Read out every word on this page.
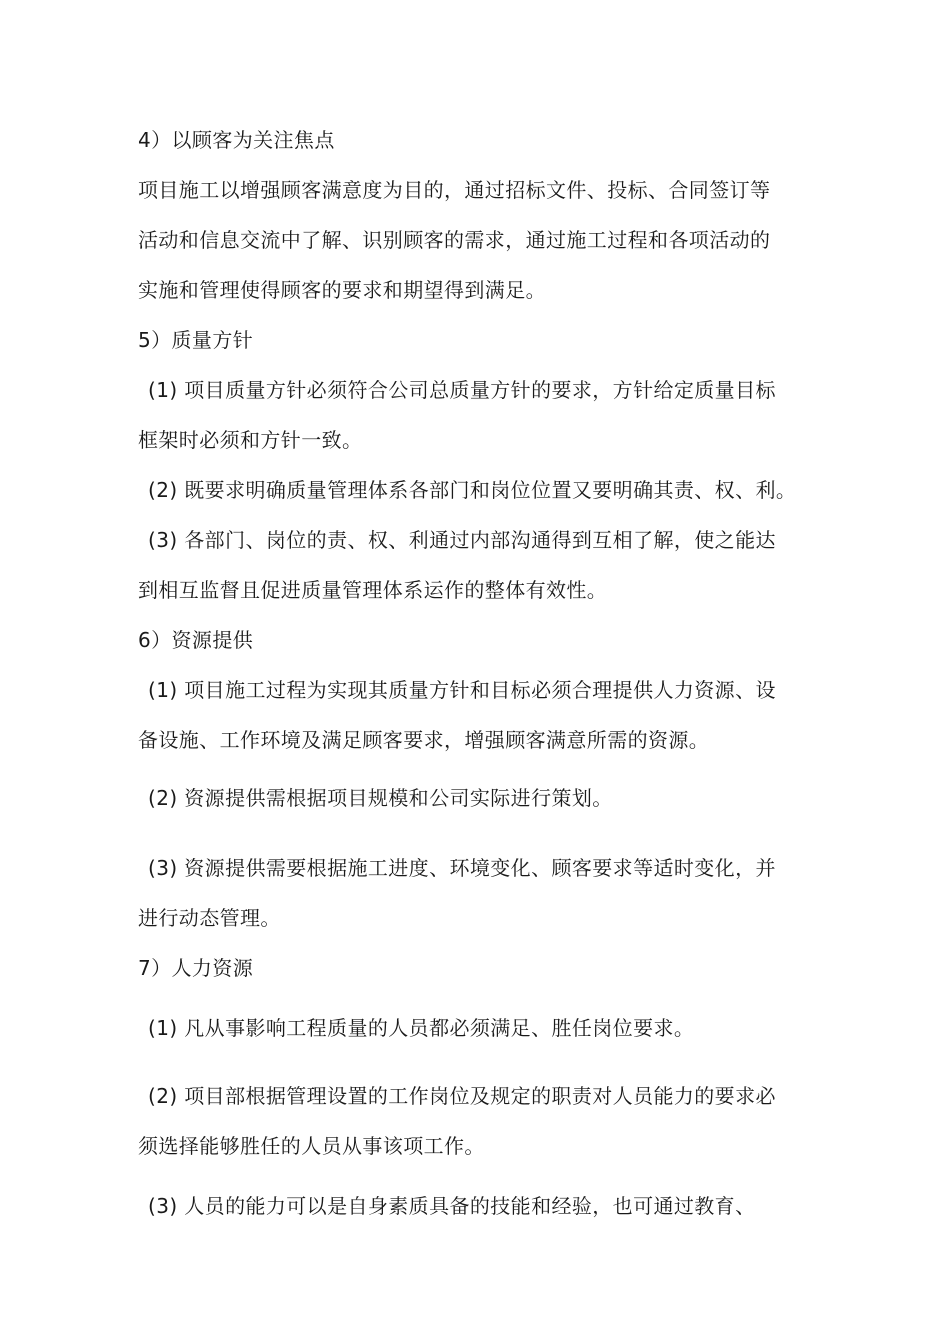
4）以顾客为关注焦点
项目施工以增强顾客满意度为目的，通过招标文件、投标、合同签订等
活动和信息交流中了解、识别顾客的需求，通过施工过程和各项活动的
实施和管理使得顾客的要求和期望得到满足。
5）质量方针
(1) 项目质量方针必须符合公司总质量方针的要求，方针给定质量目标
框架时必须和方针一致。
(2) 既要求明确质量管理体系各部门和岗位位置又要明确其责、权、利。
(3) 各部门、岗位的责、权、利通过内部沟通得到互相了解，使之能达
到相互监督且促进质量管理体系运作的整体有效性。
6）资源提供
(1) 项目施工过程为实现其质量方针和目标必须合理提供人力资源、设
备设施、工作环境及满足顾客要求，增强顾客满意所需的资源。
(2) 资源提供需根据项目规模和公司实际进行策划。
(3) 资源提供需要根据施工进度、环境变化、顾客要求等适时变化，并
进行动态管理。
7）人力资源
(1) 凡从事影响工程质量的人员都必须满足、胜任岗位要求。
(2) 项目部根据管理设置的工作岗位及规定的职责对人员能力的要求必
须选择能够胜任的人员从事该项工作。
(3) 人员的能力可以是自身素质具备的技能和经验，也可通过教育、
